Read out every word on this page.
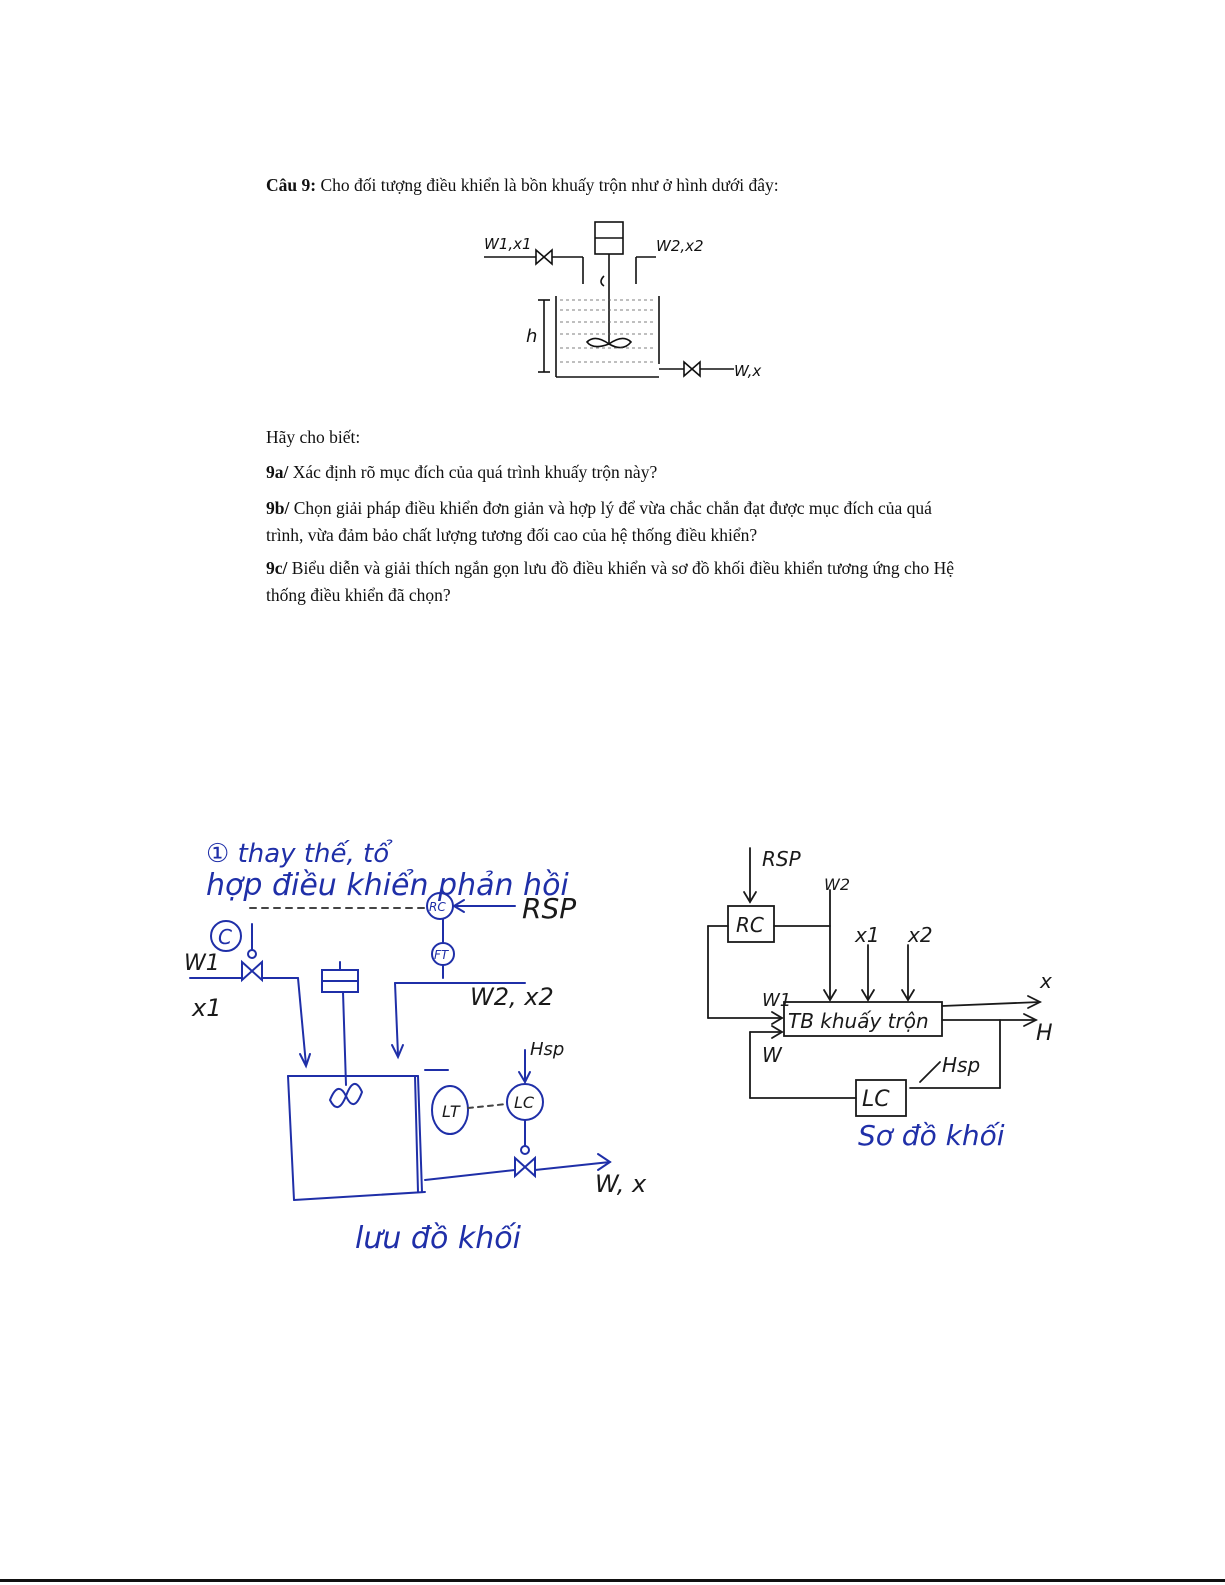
Câu 9: Cho đối tượng điều khiển là bồn khuấy trộn như ở hình dưới đây:
W1,x1	W2,x2
h
W,x
Hãy cho biết:
9a/ Xác định rõ mục đích của quá trình khuấy trộn này?
9b/ Chọn giải pháp điều khiển đơn giản và hợp lý để vừa chắc chắn đạt được mục đích của quá trình, vừa đảm bảo chất lượng tương đối cao của hệ thống điều khiển?
9c/ Biểu diễn và giải thích ngắn gọn lưu đồ điều khiển và sơ đồ khối điều khiển tương ứng cho Hệ thống điều khiển đã chọn?
① thay thế, tổ
hợp điều khiển phản hồi
C
RC
FT
RSP
W1
x1	W2, x2
Hsp
LT	LC
W, x
lưu đồ khối
RSP
RC
W2
x1 x2
x
W1
TB khuấy trộn	H
W	Hsp
LC
Sơ đồ khối
